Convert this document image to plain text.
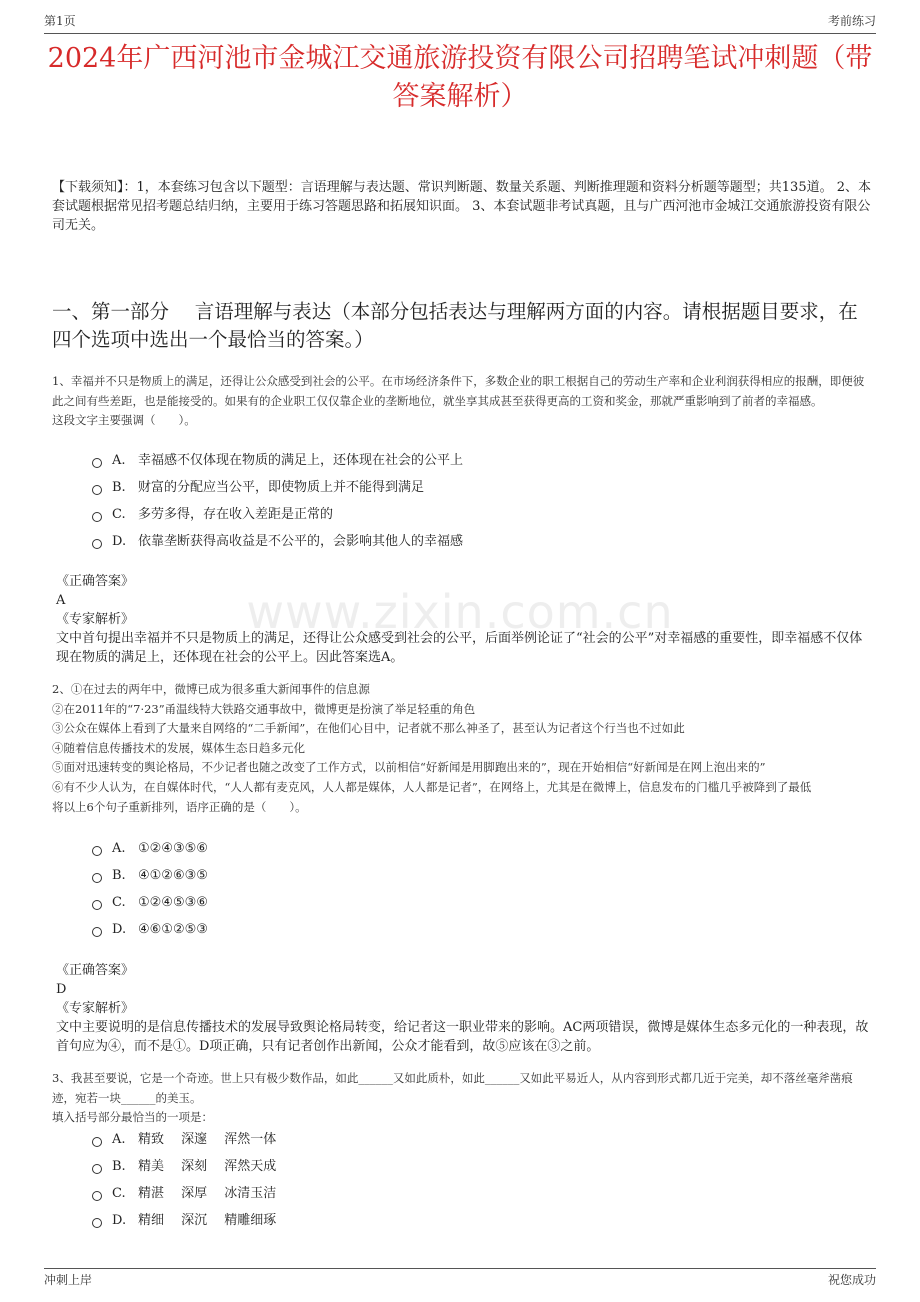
第1页	考前练习
2024年广西河池市金城江交通旅游投资有限公司招聘笔试冲刺题（带答案解析）
【下载须知】：1，本套练习包含以下题型：言语理解与表达题、常识判断题、数量关系题、判断推理题和资料分析题等题型；共135道。 2、本套试题根据常见招考题总结归纳，主要用于练习答题思路和拓展知识面。 3、本套试题非考试真题，且与广西河池市金城江交通旅游投资有限公司无关。
一、第一部分　 言语理解与表达（本部分包括表达与理解两方面的内容。请根据题目要求，在四个选项中选出一个最恰当的答案。）
www.zixin.com.cn

1、幸福并不只是物质上的满足，还得让公众感受到社会的公平。在市场经济条件下，多数企业的职工根据自己的劳动生产率和企业利润获得相应的报酬，即便彼此之间有些差距，也是能接受的。如果有的企业职工仅仅靠企业的垄断地位，就坐享其成甚至获得更高的工资和奖金，那就严重影响到了前者的幸福感。

这段文字主要强调（　　）。

A. 幸福感不仅体现在物质的满足上，还体现在社会的公平上
B. 财富的分配应当公平，即使物质上并不能得到满足
C. 多劳多得，存在收入差距是正常的
D. 依靠垄断获得高收益是不公平的，会影响其他人的幸福感

《正确答案》

A

《专家解析》

文中首句提出幸福并不只是物质上的满足，还得让公众感受到社会的公平，后面举例论证了“社会的公平”对幸福感的重要性，即幸福感不仅体现在物质的满足上，还体现在社会的公平上。因此答案选A。

2、①在过去的两年中，微博已成为很多重大新闻事件的信息源

②在2011年的“7·23”甬温线特大铁路交通事故中，微博更是扮演了举足轻重的角色

③公众在媒体上看到了大量来自网络的“二手新闻”，在他们心目中，记者就不那么神圣了，甚至认为记者这个行当也不过如此

④随着信息传播技术的发展，媒体生态日趋多元化

⑤面对迅速转变的舆论格局，不少记者也随之改变了工作方式，以前相信“好新闻是用脚跑出来的”，现在开始相信“好新闻是在网上泡出来的”

⑥有不少人认为，在自媒体时代，“人人都有麦克风，人人都是媒体，人人都是记者”，在网络上，尤其是在微博上，信息发布的门槛几乎被降到了最低

将以上6个句子重新排列，语序正确的是（　　）。

A. ①②④③⑤⑥
B. ④①②⑥③⑤
C. ①②④⑤③⑥
D. ④⑥①②⑤③

《正确答案》

D

《专家解析》

文中主要说明的是信息传播技术的发展导致舆论格局转变，给记者这一职业带来的影响。AC两项错误，微博是媒体生态多元化的一种表现，故首句应为④，而不是①。D项正确，只有记者创作出新闻，公众才能看到，故⑤应该在③之前。

3、我甚至要说，它是一个奇迹。世上只有极少数作品，如此______又如此质朴，如此______又如此平易近人，从内容到形式都几近于完美，却不落丝毫斧凿痕迹，宛若一块______的美玉。

填入括号部分最恰当的一项是：

A. 精致　 深邃　 浑然一体
B. 精美　 深刻　 浑然天成
C. 精湛　 深厚　 冰清玉洁
D. 精细　 深沉　 精雕细琢
冲刺上岸	祝您成功
